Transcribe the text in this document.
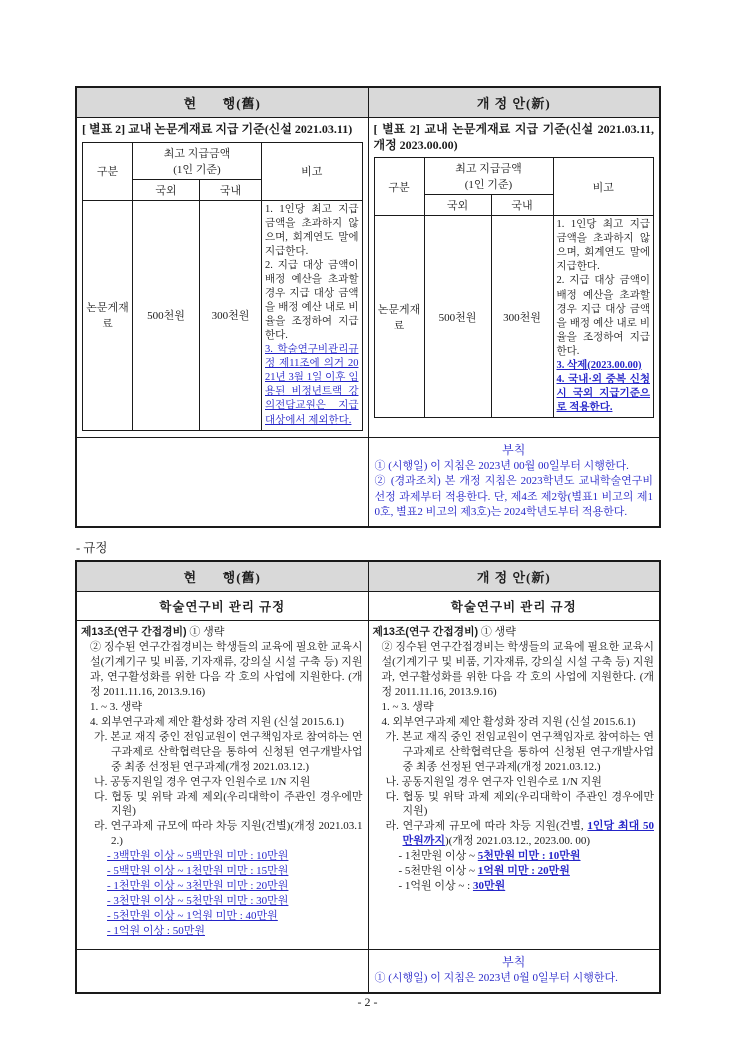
현      행(舊)	개 정 안(新)

[ 별표 2] 교내 논문게재료 지급 기준(신설 2021.03.11)
구분	
최고 지급금액
(1인 기준)	비고
국외	국내
논문게재료	500천원	300천원	
1. 1인당 최고 지급 금액을 초과하지 않으며, 회계연도 말에 지급한다.
2. 지급 대상 금액이 배정 예산을 초과할 경우 지급 대상 금액을 배정 예산 내로 비율을 조정하여 지급한다.
3. 학술연구비관리규정 제11조에 의거 2021년 3월 1일 이후 임용된 비정년트랙 강의전담교원은 지급 대상에서 제외한다.

[ 별표 2] 교내 논문게재료 지급 기준(신설 2021.03.11, 개정 2023.00.00)
구분	
최고 지급금액
(1인 기준)	비고
국외	국내
논문게재료	500천원	300천원	
1. 1인당 최고 지급 금액을 초과하지 않으며, 회계연도 말에 지급한다.
2. 지급 대상 금액이 배정 예산을 초과할 경우 지급 대상 금액을 배정 예산 내로 비율을 조정하여 지급한다.
3. 삭제(2023.00.00)
4. 국내·외 중복 신청시 국외 지급기준으로 적용한다.

부칙
① (시행일) 이 지침은 2023년 00월 00일부터 시행한다.
② (경과조치) 본 개정 지침은 2023학년도 교내학술연구비 선정 과제부터 적용한다. 단, 제4조 제2항(별표1 비고의 제10호, 별표2 비고의 제3호)는 2024학년도부터 적용한다.
- 규정
현      행(舊)	개 정 안(新)
학술연구비 관리 규정	학술연구비 관리 규정

제13조(연구 간접경비) ① 생략
② 징수된 연구간접경비는 학생들의 교육에 필요한 교육시설(기계기구 및 비품, 기자재류, 강의실 시설 구축 등) 지원과, 연구활성화를 위한 다음 각 호의 사업에 지원한다. (개정 2011.11.16, 2013.9.16)
1. ~ 3. 생략
4. 외부연구과제 제안 활성화 장려 지원 (신설 2015.6.1)
가. 본교 재직 중인 전임교원이 연구책임자로 참여하는 연구과제로 산학협력단을 통하여 신청된 연구개발사업 중 최종 선정된 연구과제(개정 2021.03.12.)
나. 공동지원일 경우 연구자 인원수로 1/N 지원
다. 협동 및 위탁 과제 제외(우리대학이 주관인 경우에만 지원)
라. 연구과제 규모에 따라 차등 지원(건별)(개정 2021.03.12.)
- 3백만원 이상 ~ 5백만원 미만 : 10만원
- 5백만원 이상 ~ 1천만원 미만 : 15만원
- 1천만원 이상 ~ 3천만원 미만 : 20만원
- 3천만원 이상 ~ 5천만원 미만 : 30만원
- 5천만원 이상 ~ 1억원 미만 : 40만원
- 1억원 이상 : 50만원

제13조(연구 간접경비) ① 생략
② 징수된 연구간접경비는 학생들의 교육에 필요한 교육시설(기계기구 및 비품, 기자재류, 강의실 시설 구축 등) 지원과, 연구활성화를 위한 다음 각 호의 사업에 지원한다. (개정 2011.11.16, 2013.9.16)
1. ~ 3. 생략
4. 외부연구과제 제안 활성화 장려 지원 (신설 2015.6.1)
가. 본교 재직 중인 전임교원이 연구책임자로 참여하는 연구과제로 산학협력단을 통하여 신청된 연구개발사업 중 최종 선정된 연구과제(개정 2021.03.12.)
나. 공동지원일 경우 연구자 인원수로 1/N 지원
다. 협동 및 위탁 과제 제외(우리대학이 주관인 경우에만 지원)
라. 연구과제 규모에 따라 차등 지원(건별, 1인당 최대 50만원까지)(개정 2021.03.12., 2023.00. 00)
- 1천만원 이상 ~ 5천만원 미만 : 10만원
- 5천만원 이상 ~ 1억원 미만 : 20만원
- 1억원 이상 ~ : 30만원

	부칙
① (시행일) 이 지침은 2023년 0월 0일부터 시행한다.
- 2 -
